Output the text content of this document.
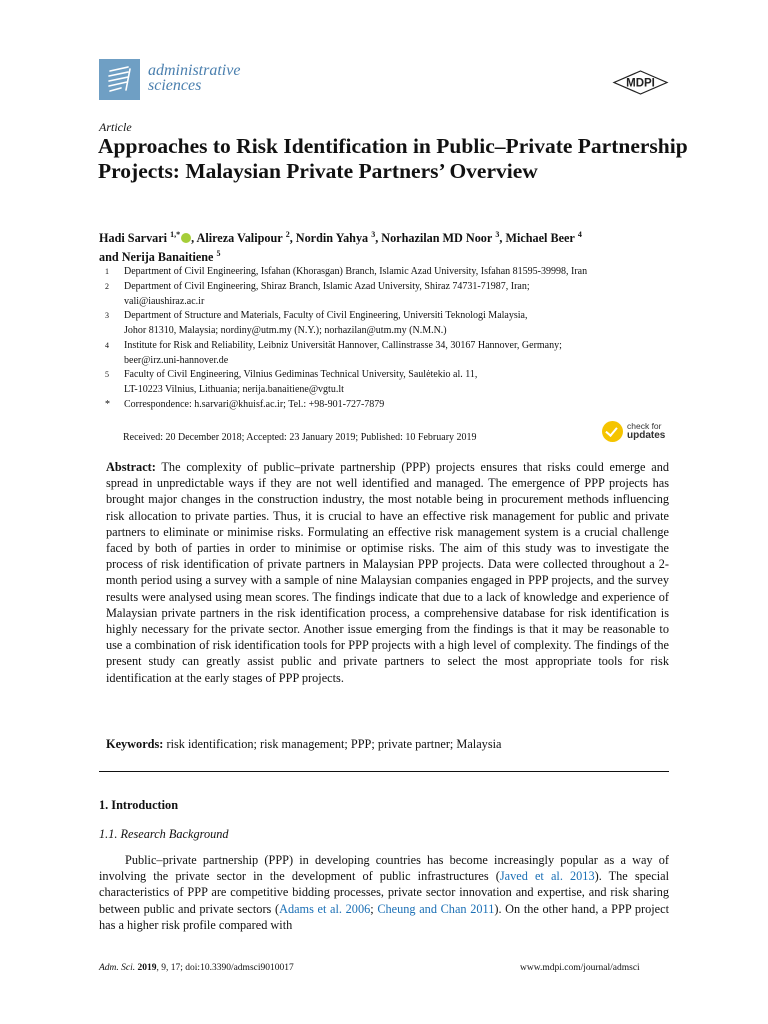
administrative
sciences	MDPI
Article
Approaches to Risk Identification in Public–Private Partnership Projects: Malaysian Private Partners’ Overview
Hadi Sarvari $^{1,*}$ , Alireza Valipour $^2$, Nordin Yahya $^3$, Norhazilan MD Noor $^3$, Michael Beer $^4$
and Nerija Banaitiene $^5$
1	Department of Civil Engineering, Isfahan (Khorasgan) Branch, Islamic Azad University, Isfahan 81595-39998, Iran
2	Department of Civil Engineering, Shiraz Branch, Islamic Azad University, Shiraz 74731-71987, Iran;
vali@iaushiraz.ac.ir
3	Department of Structure and Materials, Faculty of Civil Engineering, Universiti Teknologi Malaysia,
Johor 81310, Malaysia; nordiny@utm.my (N.Y.); norhazilan@utm.my (N.M.N.)
4	Institute for Risk and Reliability, Leibniz Universität Hannover, Callinstrasse 34, 30167 Hannover, Germany;
beer@irz.uni-hannover.de
5	Faculty of Civil Engineering, Vilnius Gediminas Technical University, Saulėtekio al. 11,
LT-10223 Vilnius, Lithuania; nerija.banaitiene@vgtu.lt
*	Correspondence: h.sarvari@khuisf.ac.ir; Tel.: +98-901-727-7879
Received: 20 December 2018; Accepted: 23 January 2019; Published: 10 February 2019
check for
updates
Abstract: The complexity of public–private partnership (PPP) projects ensures that risks could emerge and spread in unpredictable ways if they are not well identified and managed. The emergence of PPP projects has brought major changes in the construction industry, the most notable being in procurement methods influencing risk allocation to private parties. Thus, it is crucial to have an effective risk management for public and private partners to eliminate or minimise risks. Formulating an effective risk management system is a crucial challenge faced by both of parties in order to minimise or optimise risks. The aim of this study was to investigate the process of risk identification of private partners in Malaysian PPP projects. Data were collected throughout a 2-month period using a survey with a sample of nine Malaysian companies engaged in PPP projects, and the survey results were analysed using mean scores. The findings indicate that due to a lack of knowledge and experience of Malaysian private partners in the risk identification process, a comprehensive database for risk identification is highly necessary for the private sector. Another issue emerging from the findings is that it may be reasonable to use a combination of risk identification tools for PPP projects with a high level of complexity. The findings of the present study can greatly assist public and private partners to select the most appropriate tools for risk identification at the early stages of PPP projects.
Keywords: risk identification; risk management; PPP; private partner; Malaysia
1. Introduction
1.1. Research Background
Public–private partnership (PPP) in developing countries has become increasingly popular as a way of involving the private sector in the development of public infrastructures (Javed et al. 2013). The special characteristics of PPP are competitive bidding processes, private sector innovation and expertise, and risk sharing between public and private sectors (Adams et al. 2006; Cheung and Chan 2011). On the other hand, a PPP project has a higher risk profile compared with
Adm. Sci. 2019, 9, 17; doi:10.3390/admsci9010017	www.mdpi.com/journal/admsci
